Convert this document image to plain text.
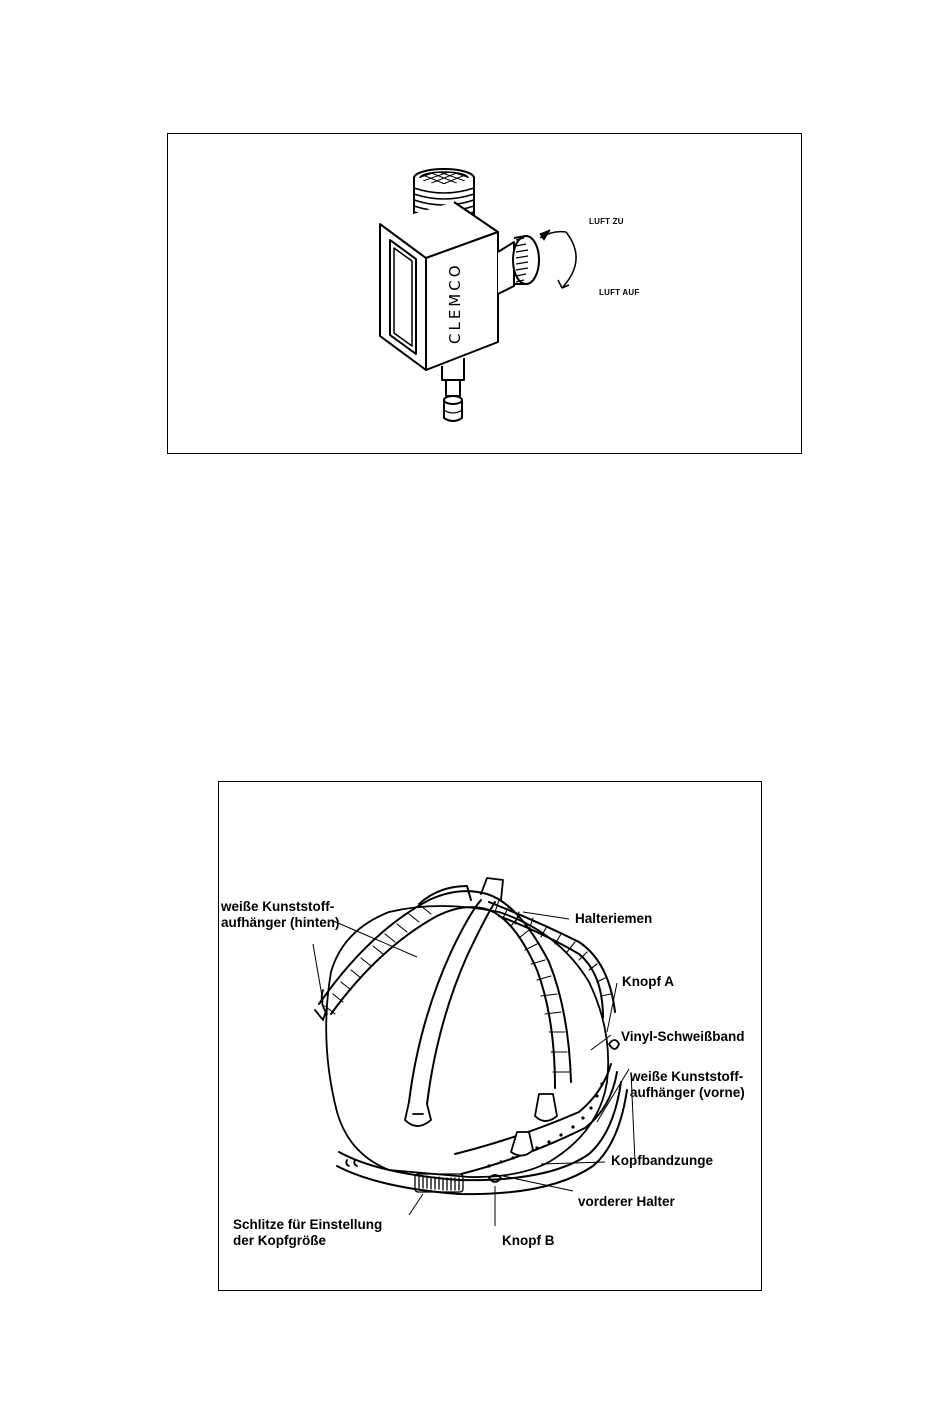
CLEMCO
LUFT ZU
LUFT AUF
weiße Kunststoff-
aufhänger (hinten)	Halteriemen
Knopf A
Vinyl-Schweißband
weiße Kunststoff-
aufhänger (vorne)
Kopfbandzunge
vorderer Halter
Schlitze für Einstellung
der Kopfgröße	Knopf B
